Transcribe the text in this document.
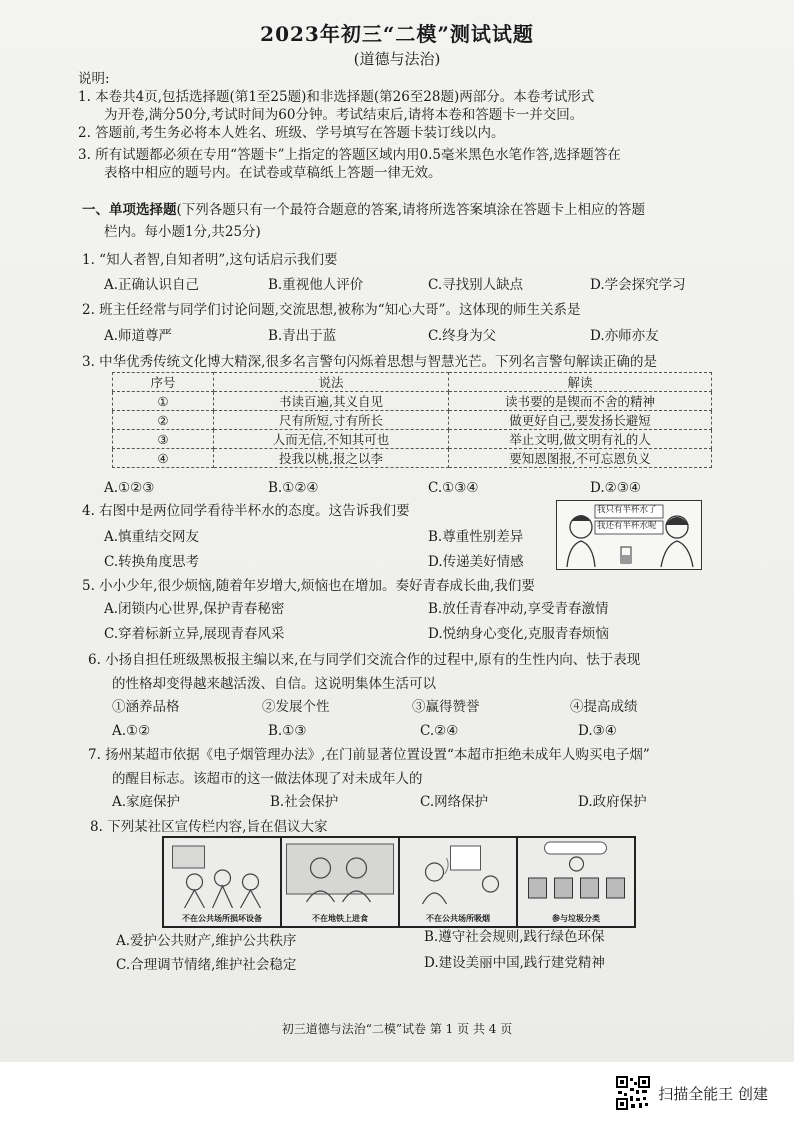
2023年初三“二模”测试试题
(道德与法治)
说明:
1. 本卷共4页,包括选择题(第1至25题)和非选择题(第26至28题)两部分。本卷考试形式
为开卷,满分50分,考试时间为60分钟。考试结束后,请将本卷和答题卡一并交回。
2. 答题前,考生务必将本人姓名、班级、学号填写在答题卡装订线以内。
3. 所有试题都必须在专用“答题卡”上指定的答题区域内用0.5毫米黑色水笔作答,选择题答在
表格中相应的题号内。在试卷或草稿纸上答题一律无效。
一、单项选择题(下列各题只有一个最符合题意的答案,请将所选答案填涂在答题卡上相应的答题
栏内。每小题1分,共25分)
1. “知人者智,自知者明”,这句话启示我们要
A.正确认识自己	B.重视他人评价	C.寻找别人缺点	D.学会探究学习
2. 班主任经常与同学们讨论问题,交流思想,被称为“知心大哥”。这体现的师生关系是
A.师道尊严	B.青出于蓝	C.终身为父	D.亦师亦友
3. 中华优秀传统文化博大精深,很多名言警句闪烁着思想与智慧光芒。下列名言警句解读正确的是
序号	说法	解读
①	书读百遍,其义自见	读书要的是锲而不舍的精神
②	尺有所短,寸有所长	做更好自己,要发扬长避短
③	人而无信,不知其可也	举止文明,做文明有礼的人
④	投我以桃,报之以李	要知恩图报,不可忘恩负义
A.①②③	B.①②④	C.①③④	D.②③④
4. 右图中是两位同学看待半杯水的态度。这告诉我们要
A.慎重结交网友	B.尊重性别差异
C.转换角度思考	D.传递美好情感
我只有半杯水了
我还有半杯水呢
5. 小小少年,很少烦恼,随着年岁增大,烦恼也在增加。奏好青春成长曲,我们要
A.闭锁内心世界,保护青春秘密	B.放任青春冲动,享受青春激情
C.穿着标新立异,展现青春风采	D.悦纳身心变化,克服青春烦恼
6. 小扬自担任班级黑板报主编以来,在与同学们交流合作的过程中,原有的生性内向、怯于表现
的性格却变得越来越活泼、自信。这说明集体生活可以
①涵养品格	②发展个性	③赢得赞誉	④提高成绩
A.①②	B.①③	C.②④	D.③④
7. 扬州某超市依据《电子烟管理办法》,在门前显著位置设置“本超市拒绝未成年人购买电子烟”
的醒目标志。该超市的这一做法体现了对未成年人的
A.家庭保护	B.社会保护	C.网络保护	D.政府保护
8. 下列某社区宣传栏内容,旨在倡议大家
不在公共场所损坏设备	不在地铁上进食	不在公共场所吸烟	参与垃圾分类
A.爱护公共财产,维护公共秩序	B.遵守社会规则,践行绿色环保
C.合理调节情绪,维护社会稳定	D.建设美丽中国,践行建党精神
初三道德与法治“二模”试卷 第 1 页 共 4 页
扫描全能王 创建
